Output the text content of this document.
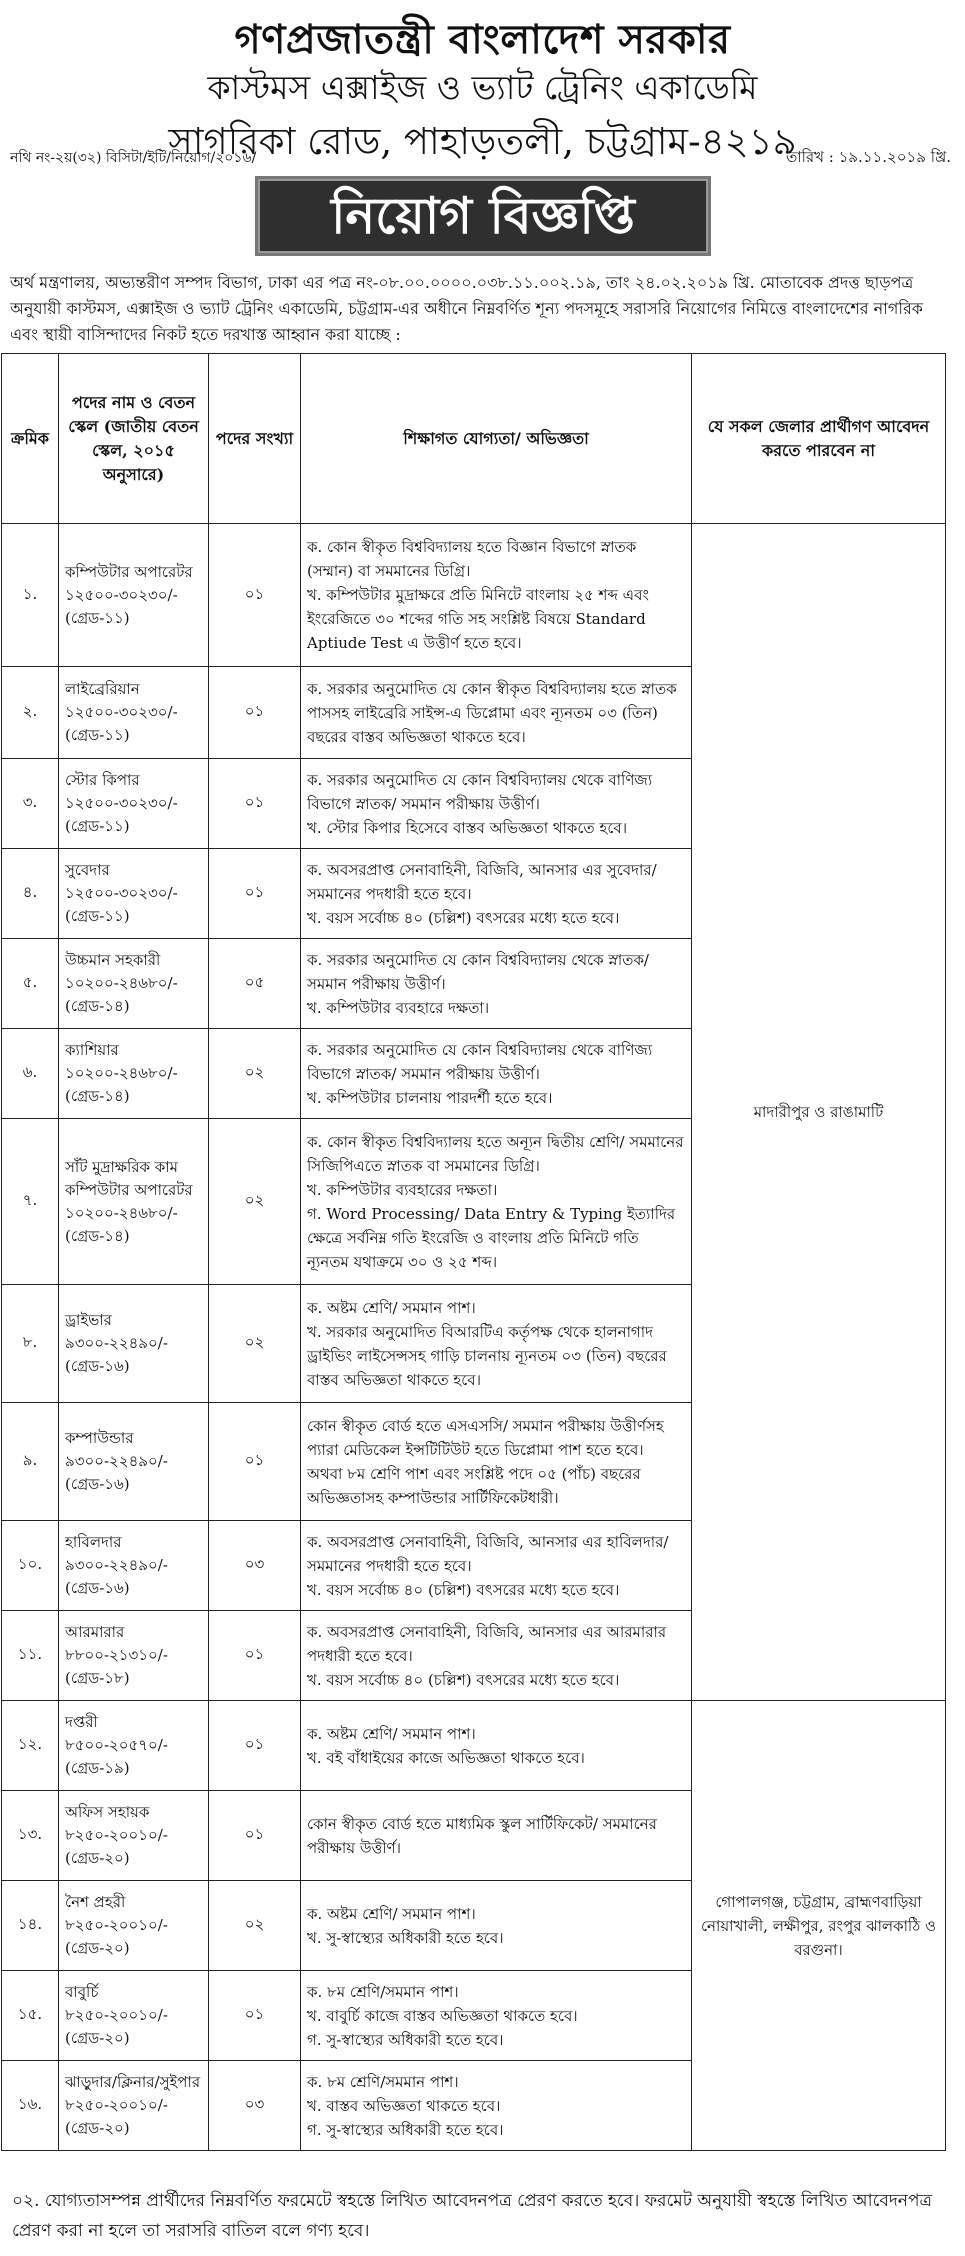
গণপ্রজাতন্ত্রী বাংলাদেশ সরকার
কাস্টমস এক্সাইজ ও ভ্যাট ট্রেনিং একাডেমি
সাগরিকা রোড, পাহাড়তলী, চট্টগ্রাম-৪২১৯
নথি নং-২য়(৩২) বিসিটা/ইটি/নিয়োগ/২০১৬/	তারিখ : ১৯.১১.২০১৯ খ্রি.
নিয়োগ বিজ্ঞপ্তি
অর্থ মন্ত্রণালয়, অভ্যন্তরীণ সম্পদ বিভাগ, ঢাকা এর পত্র নং-০৮.০০.০০০০.০৩৮.১১.০০২.১৯, তাং ২৪.০২.২০১৯ খ্রি. মোতাবেক প্রদত্ত ছাড়পত্র অনুযায়ী কাস্টমস, এক্সাইজ ও ভ্যাট ট্রেনিং একাডেমি, চট্টগ্রাম-এর অধীনে নিম্নবর্ণিত শূন্য পদসমূহে সরাসরি নিয়োগের নিমিত্তে বাংলাদেশের নাগরিক এবং স্থায়ী বাসিন্দাদের নিকট হতে দরখাস্ত আহ্বান করা যাচ্ছে :
ক্রমিক	পদের নাম ও বেতন স্কেল (জাতীয় বেতন স্কেল, ২০১৫ অনুসারে)	পদের সংখ্যা	শিক্ষাগত যোগ্যতা/ অভিজ্ঞতা	যে সকল জেলার প্রার্থীগণ আবেদন করতে পারবেন না
১.	কম্পিউটার অপারেটর ১২৫০০-৩০২৩০/- (গ্রেড-১১)	০১	ক. কোন স্বীকৃত বিশ্ববিদ্যালয় হতে বিজ্ঞান বিভাগে স্নাতক (সম্মান) বা সমমানের ডিগ্রি।
খ. কম্পিউটার মুদ্রাক্ষরে প্রতি মিনিটে বাংলায় ২৫ শব্দ এবং ইংরেজিতে ৩০ শব্দের গতি সহ সংশ্লিষ্ট বিষয়ে Standard Aptiude Test এ উত্তীর্ণ হতে হবে।	মাদারীপুর ও রাঙামাটি
২.	লাইব্রেরিয়ান ১২৫০০-৩০২৩০/- (গ্রেড-১১)	০১	ক. সরকার অনুমোদিত যে কোন স্বীকৃত বিশ্ববিদ্যালয় হতে স্নাতক পাসসহ লাইব্রেরি সাইন্স-এ ডিপ্লোমা এবং ন্যূনতম ০৩ (তিন) বছরের বাস্তব অভিজ্ঞতা থাকতে হবে।	

৩.	স্টোর কিপার ১২৫০০-৩০২৩০/- (গ্রেড-১১)	০১	ক. সরকার অনুমোদিত যে কোন বিশ্ববিদ্যালয় থেকে বাণিজ্য বিভাগে স্নাতক/ সমমান পরীক্ষায় উত্তীর্ণ।
খ. স্টোর কিপার হিসেবে বাস্তব অভিজ্ঞতা থাকতে হবে।	

৪.	সুবেদার ১২৫০০-৩০২৩০/- (গ্রেড-১১)	০১	ক. অবসরপ্রাপ্ত সেনাবাহিনী, বিজিবি, আনসার এর সুবেদার/ সমমানের পদধারী হতে হবে।
খ. বয়স সর্বোচ্চ ৪০ (চল্লিশ) বৎসরের মধ্যে হতে হবে।	

৫.	উচ্চমান সহকারী ১০২০০-২৪৬৮০/- (গ্রেড-১৪)	০৫	ক. সরকার অনুমোদিত যে কোন বিশ্ববিদ্যালয় থেকে স্নাতক/ সমমান পরীক্ষায় উত্তীর্ণ।
খ. কম্পিউটার ব্যবহারে দক্ষতা।	

৬.	ক্যাশিয়ার ১০২০০-২৪৬৮০/- (গ্রেড-১৪)	০২	ক. সরকার অনুমোদিত যে কোন বিশ্ববিদ্যালয় থেকে বাণিজ্য বিভাগে স্নাতক/ সমমান পরীক্ষায় উত্তীর্ণ।
খ. কম্পিউটার চালনায় পারদর্শী হতে হবে।	

৭.	সাঁট মুদ্রাক্ষরিক কাম কম্পিউটার অপারেটর ১০২০০-২৪৬৮০/- (গ্রেড-১৪)	০২	ক. কোন স্বীকৃত বিশ্ববিদ্যালয় হতে অন্যূন দ্বিতীয় শ্রেণি/ সমমানের সিজিপিএতে স্নাতক বা সমমানের ডিগ্রি।
খ. কম্পিউটার ব্যবহারের দক্ষতা।
গ. Word Processing/ Data Entry & Typing ইত্যাদির ক্ষেত্রে সর্বনিম্ন গতি ইংরেজি ও বাংলায় প্রতি মিনিটে গতি ন্যূনতম যথাক্রমে ৩০ ও ২৫ শব্দ।	

৮.	ড্রাইভার ৯৩০০-২২৪৯০/- (গ্রেড-১৬)	০২	ক. অষ্টম শ্রেণি/ সমমান পাশ।
খ. সরকার অনুমোদিত বিআরটিএ কর্তৃপক্ষ থেকে হালনাগাদ ড্রাইভিং লাইসেন্সসহ গাড়ি চালনায় ন্যূনতম ০৩ (তিন) বছরের বাস্তব অভিজ্ঞতা থাকতে হবে।	

৯.	কম্পাউন্ডার ৯৩০০-২২৪৯০/- (গ্রেড-১৬)	০১	কোন স্বীকৃত বোর্ড হতে এসএসসি/ সমমান পরীক্ষায় উত্তীর্ণসহ প্যারা মেডিকেল ইন্সটিটিউট হতে ডিপ্লোমা পাশ হতে হবে।
অথবা ৮ম শ্রেণি পাশ এবং সংশ্লিষ্ট পদে ০৫ (পাঁচ) বছরের অভিজ্ঞতাসহ কম্পাউন্ডার সার্টিফিকেটধারী।	

১০.	হাবিলদার ৯৩০০-২২৪৯০/- (গ্রেড-১৬)	০৩	ক. অবসরপ্রাপ্ত সেনাবাহিনী, বিজিবি, আনসার এর হাবিলদার/ সমমানের পদধারী হতে হবে।
খ. বয়স সর্বোচ্চ ৪০ (চল্লিশ) বৎসরের মধ্যে হতে হবে।	

১১.	আরমারার ৮৮০০-২১৩১০/- (গ্রেড-১৮)	০১	ক. অবসরপ্রাপ্ত সেনাবাহিনী, বিজিবি, আনসার এর আরমারার পদধারী হতে হবে।
খ. বয়স সর্বোচ্চ ৪০ (চল্লিশ) বৎসরের মধ্যে হতে হবে।	

১২.	দপ্তরী ৮৫০০-২০৫৭০/- (গ্রেড-১৯)	০১	ক. অষ্টম শ্রেণি/ সমমান পাশ।
খ. বই বাঁধাইয়ের কাজে অভিজ্ঞতা থাকতে হবে।	গোপালগঞ্জ, চট্টগ্রাম, ব্রাহ্মণবাড়িয়া নোয়াখালী, লক্ষীপুর, রংপুর ঝালকাঠি ও বরগুনা।
১৩.	অফিস সহায়ক ৮২৫০-২০০১০/- (গ্রেড-২০)	০১	কোন স্বীকৃত বোর্ড হতে মাধ্যমিক স্কুল সার্টিফিকেট/ সমমানের পরীক্ষায় উত্তীর্ণ।	

১৪.	নৈশ প্রহরী ৮২৫০-২০০১০/- (গ্রেড-২০)	০২	ক. অষ্টম শ্রেণি/ সমমান পাশ।
খ. সু-স্বাস্থ্যের অধিকারী হতে হবে।	

১৫.	বাবুর্চি ৮২৫০-২০০১০/- (গ্রেড-২০)	০১	ক. ৮ম শ্রেণি/সমমান পাশ।
খ. বাবুর্চি কাজে বাস্তব অভিজ্ঞতা থাকতে হবে।
গ. সু-স্বাস্থ্যের অধিকারী হতে হবে।	

১৬.	ঝাড়ুদার/ক্লিনার/সুইপার ৮২৫০-২০০১০/- (গ্রেড-২০)	০৩	ক. ৮ম শ্রেণি/সমমান পাশ।
খ. বাস্তব অভিজ্ঞতা থাকতে হবে।
গ. সু-স্বাস্থ্যের অধিকারী হতে হবে।	
০২. যোগ্যতাসম্পন্ন প্রার্থীদের নিম্নবর্ণিত ফরমেটে স্বহস্তে লিখিত আবেদনপত্র প্রেরণ করতে হবে। ফরমেট অনুযায়ী স্বহস্তে লিখিত আবেদনপত্র প্রেরণ করা না হলে তা সরাসরি বাতিল বলে গণ্য হবে।
